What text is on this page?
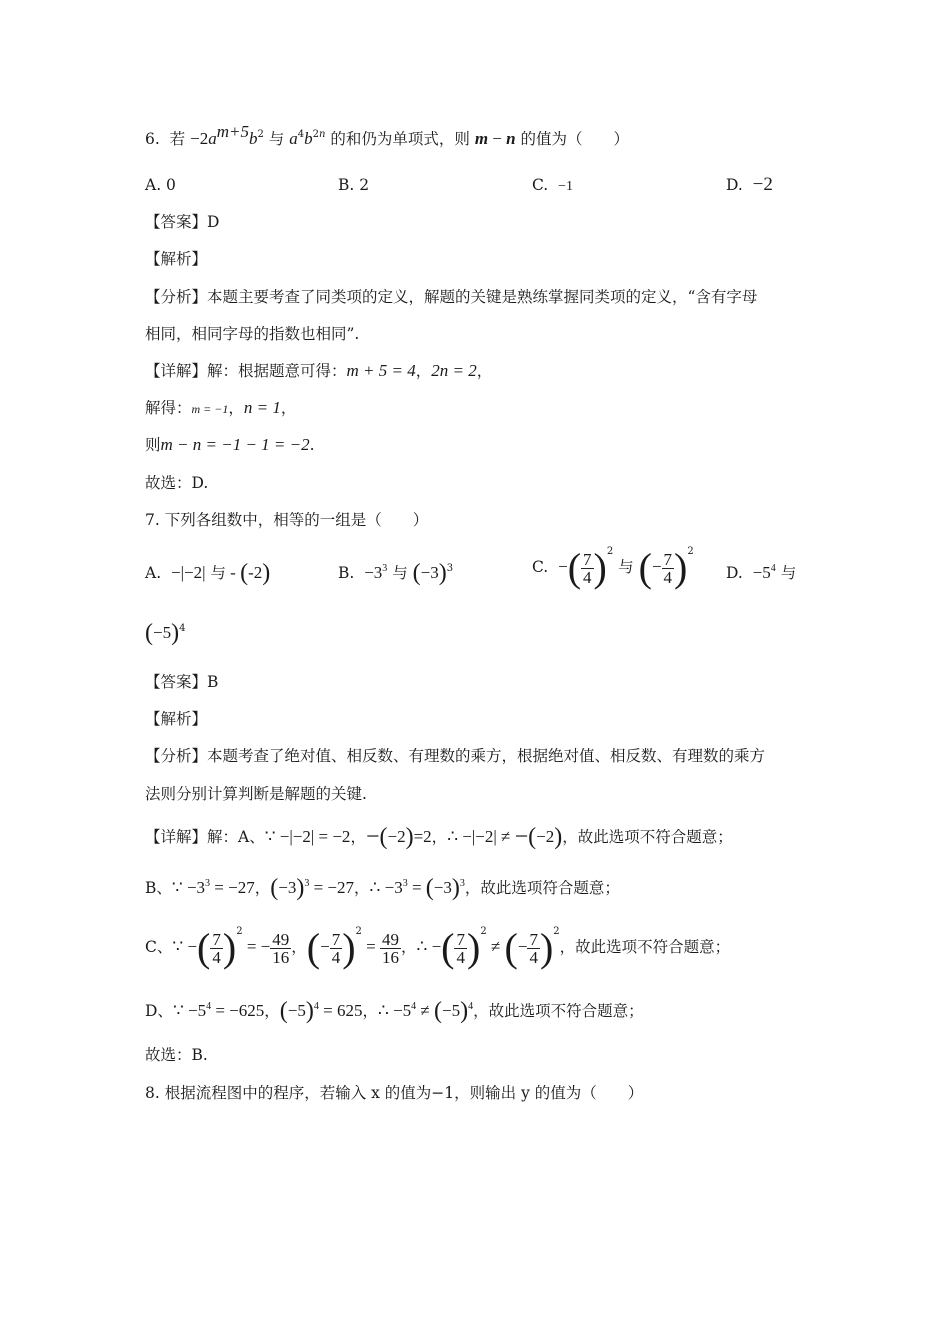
6. 若 $-2a^{m+5}b^2$ 与 $a^4b^{2n}$ 的和仍为单项式，则 m − n 的值为（　　）
A. 0	B. 2	C. −1	D. −2
【答案】D
【解析】
【分析】本题主要考查了同类项的定义，解题的关键是熟练掌握同类项的定义，“含有字母
相同，相同字母的指数也相同”.
【详解】解：根据题意可得：m + 5 = 4，2n = 2，
解得：m = −1，n = 1，
则m − n = −1 − 1 = −2.
故选：D.
7. 下列各组数中，相等的一组是（　　）
A. −|−2| 与 - (-2)	B. $-3^3$ 与 $(-3)^3$	C. −( $\frac{7}{4} )^2$ 与 (− $\frac{7}{4} )^2$
D. $-5^4$ 与
$(-5)^4$
【答案】B
【解析】
【分析】本题考查了绝对值、相反数、有理数的乘方，根据绝对值、相反数、有理数的乘方
法则分别计算判断是解题的关键.
【详解】解：A、∵ −|−2| = −2，−(−2)=2，∴ −|−2| ≠ −(−2)，故此选项不符合题意；
B、∵ $-3^3 = -27$，$(-3)^3 = -27$，∴ $-3^3 = (-3)^3$，故此选项符合题意；
C、∵ −( $\frac{7}{4} )^2$ = − $\frac{49}{16}$ ，(− $\frac{7}{4} )^2 = \frac{49}{16}$ ，∴ −( $\frac{7}{4} )^2$ ≠ (− $\frac{7}{4} )^2$，故此选项不符合题意；
D、∵ $-5^4 = -625$，$(-5)^4 = 625$，∴ $-5^4 \ne (-5)^4$，故此选项不符合题意；
故选：B.
8. 根据流程图中的程序，若输入 x 的值为−1，则输出 y 的值为（　　）
